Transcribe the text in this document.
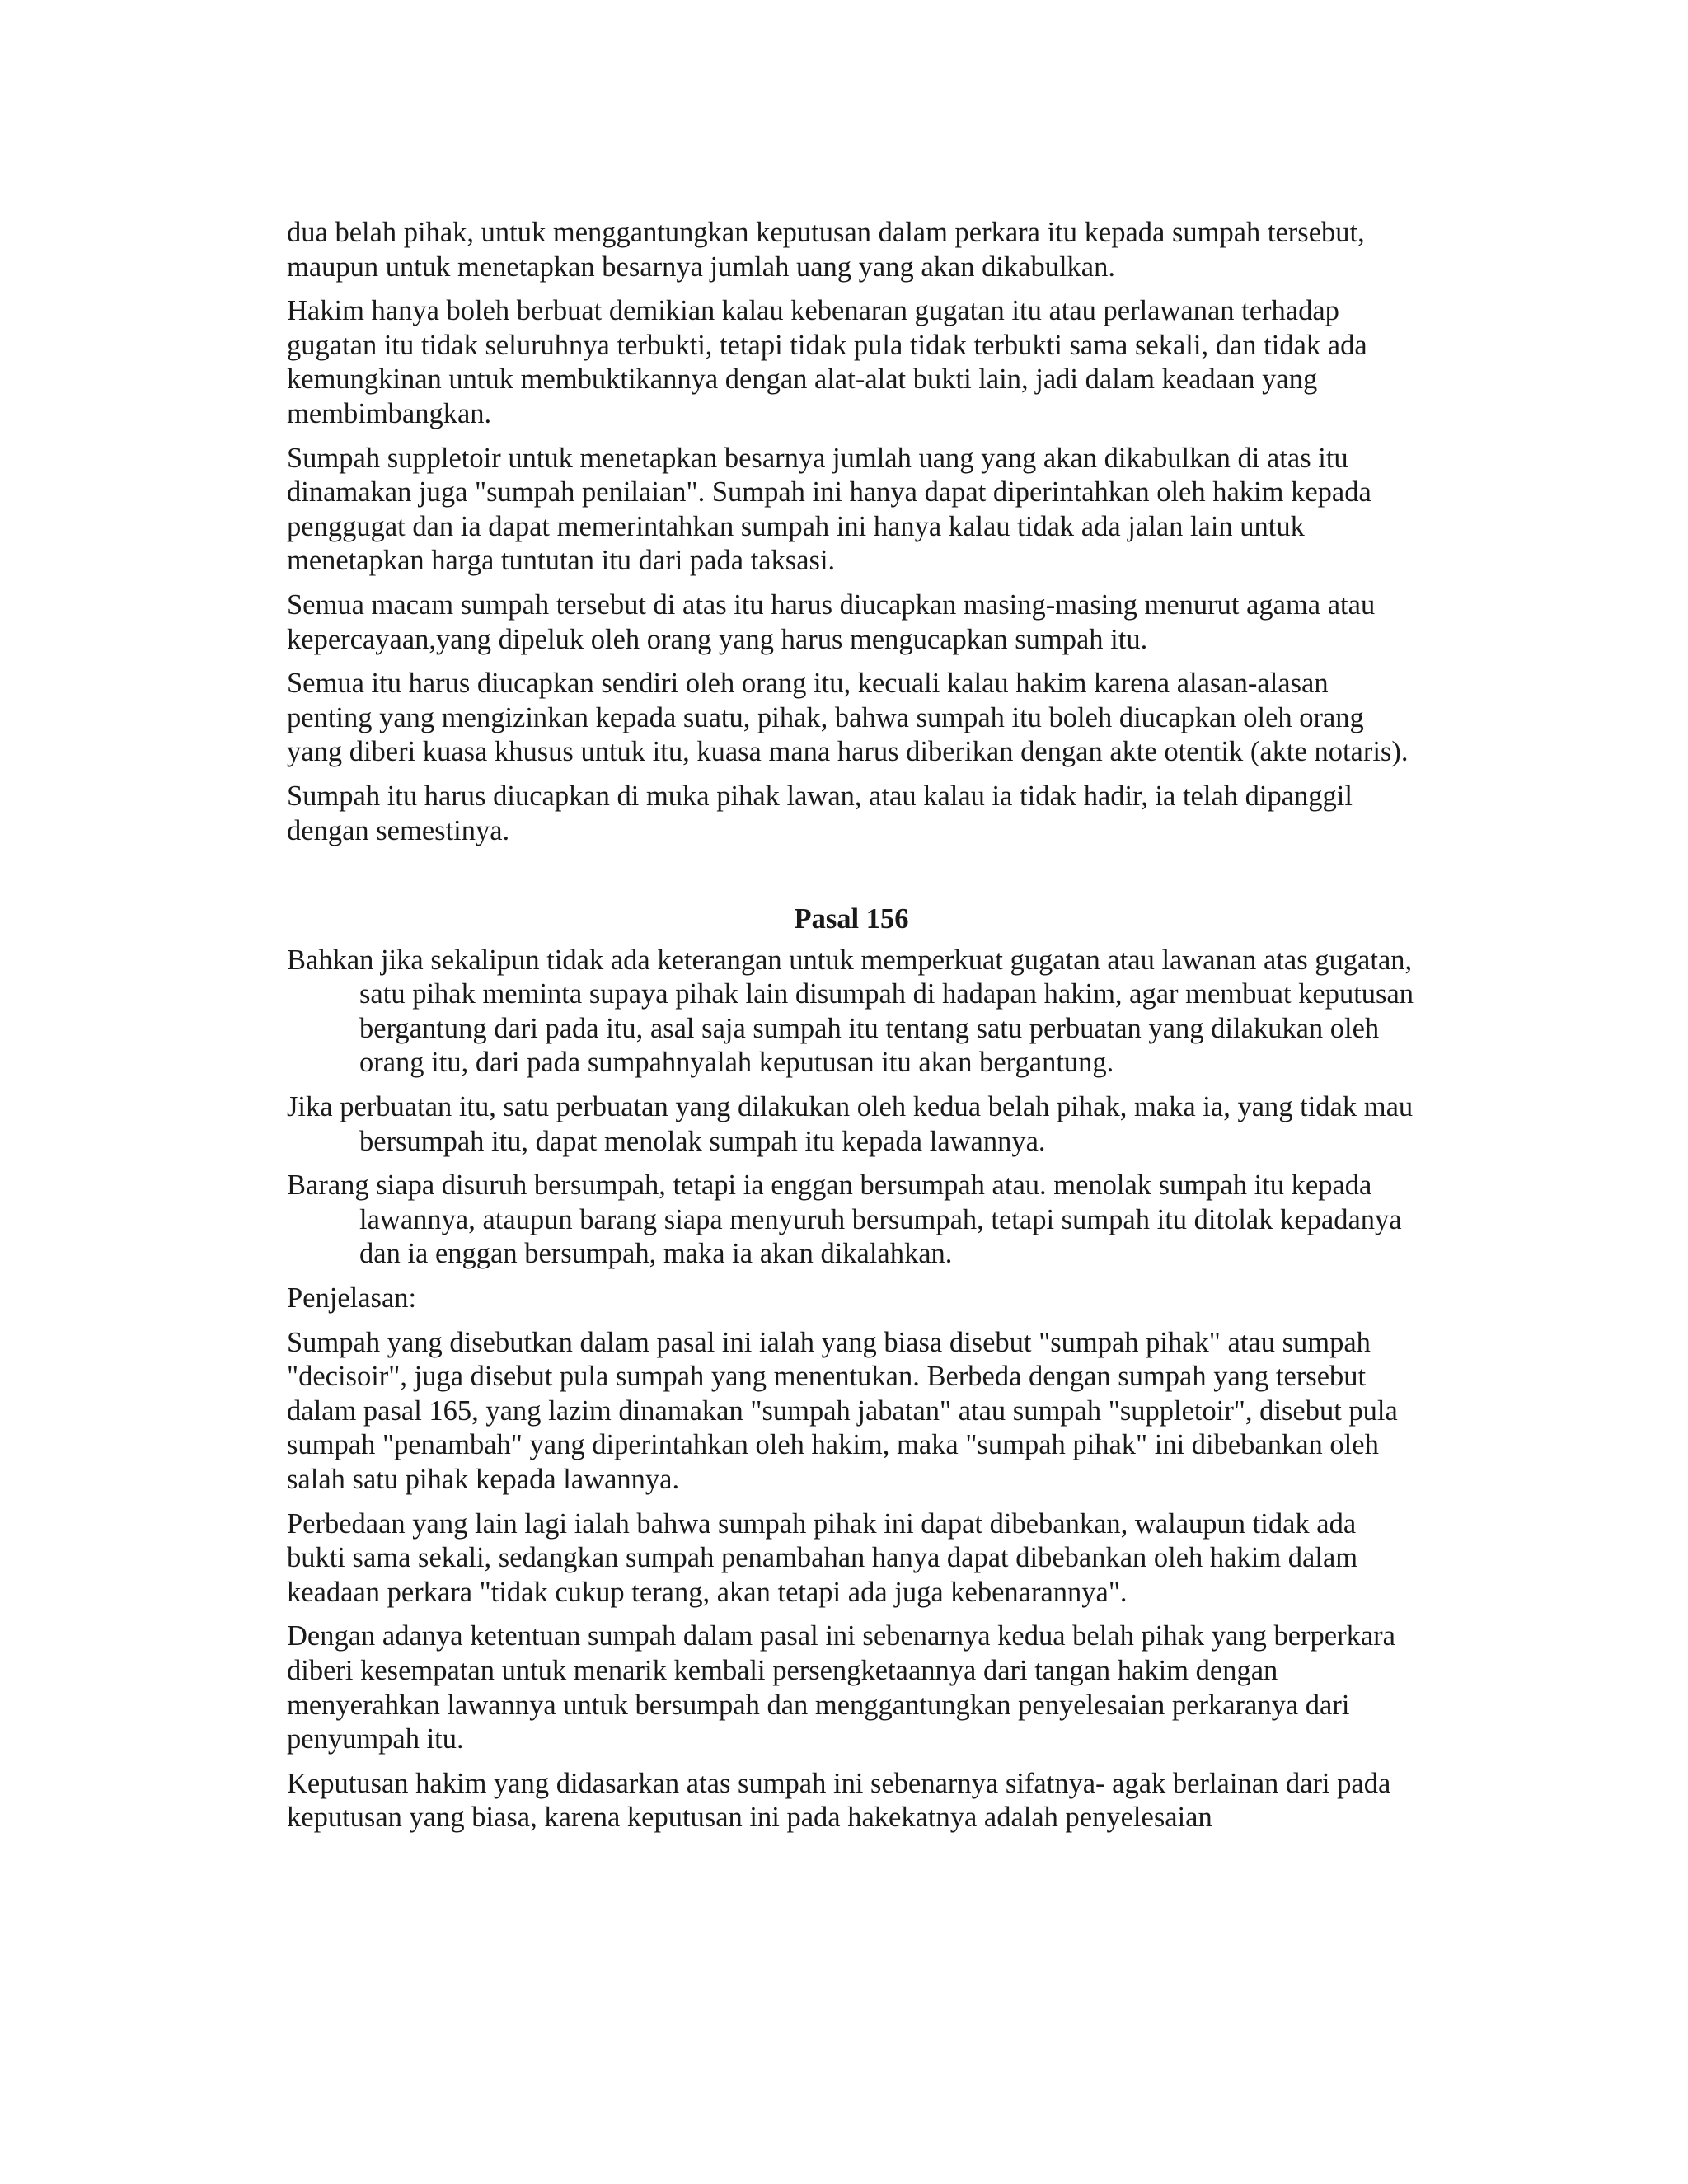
dua belah pihak, untuk menggantungkan keputusan dalam perkara itu kepada sumpah tersebut, maupun untuk menetapkan besarnya jumlah uang yang akan dikabulkan.

Hakim hanya boleh berbuat demikian kalau kebenaran gugatan itu atau perlawanan terhadap gugatan itu tidak seluruhnya terbukti, tetapi tidak pula tidak terbukti sama sekali, dan tidak ada kemungkinan untuk membuktikannya dengan alat-alat bukti lain, jadi dalam keadaan yang membimbangkan.

Sumpah suppletoir untuk menetapkan besarnya jumlah uang yang akan dikabulkan di atas itu dinamakan juga "sumpah penilaian". Sumpah ini hanya dapat diperintahkan oleh hakim kepada penggugat dan ia dapat memerintahkan sumpah ini hanya kalau tidak ada jalan lain untuk menetapkan harga tuntutan itu dari pada taksasi.

Semua macam sumpah tersebut di atas itu harus diucapkan masing-masing menurut agama atau kepercayaan,yang dipeluk oleh orang yang harus mengucapkan sumpah itu.

Semua itu harus diucapkan sendiri oleh orang itu, kecuali kalau hakim karena alasan-alasan penting yang mengizinkan kepada suatu, pihak, bahwa sumpah itu boleh diucapkan oleh orang yang diberi kuasa khusus untuk itu, kuasa mana harus diberikan dengan akte otentik (akte notaris).

Sumpah itu harus diucapkan di muka pihak lawan, atau kalau ia tidak hadir, ia telah dipanggil dengan semestinya.

Pasal 156

Bahkan jika sekalipun tidak ada keterangan untuk memperkuat gugatan atau lawanan atas gugatan, satu pihak meminta supaya pihak lain disumpah di hadapan hakim, agar membuat keputusan bergantung dari pada itu, asal saja sumpah itu tentang satu perbuatan yang dilakukan oleh orang itu, dari pada sumpahnyalah keputusan itu akan bergantung.

Jika perbuatan itu, satu perbuatan yang dilakukan oleh kedua belah pihak, maka ia, yang tidak mau bersumpah itu, dapat menolak sumpah itu kepada lawannya.

Barang siapa disuruh bersumpah, tetapi ia enggan bersumpah atau. menolak sumpah itu kepada lawannya, ataupun barang siapa menyuruh bersumpah, tetapi sumpah itu ditolak kepadanya dan ia enggan bersumpah, maka ia akan dikalahkan.

Penjelasan:

Sumpah yang disebutkan dalam pasal ini ialah yang biasa disebut "sumpah pihak" atau sumpah "decisoir", juga disebut pula sumpah yang menentukan. Berbeda dengan sumpah yang tersebut dalam pasal 165, yang lazim dinamakan "sumpah jabatan" atau sumpah "suppletoir", disebut pula sumpah "penambah" yang diperintahkan oleh hakim, maka "sumpah pihak" ini dibebankan oleh salah satu pihak kepada lawannya.

Perbedaan yang lain lagi ialah bahwa sumpah pihak ini dapat dibebankan, walaupun tidak ada bukti sama sekali, sedangkan sumpah penambahan hanya dapat dibebankan oleh hakim dalam keadaan perkara "tidak cukup terang, akan tetapi ada juga kebenarannya".

Dengan adanya ketentuan sumpah dalam pasal ini sebenarnya kedua belah pihak yang berperkara diberi kesempatan untuk menarik kembali persengketaannya dari tangan hakim dengan menyerahkan lawannya untuk bersumpah dan menggantungkan penyelesaian perkaranya dari penyumpah itu.

Keputusan hakim yang didasarkan atas sumpah ini sebenarnya sifatnya- agak berlainan dari pada keputusan yang biasa, karena keputusan ini pada hakekatnya adalah penyelesaian
